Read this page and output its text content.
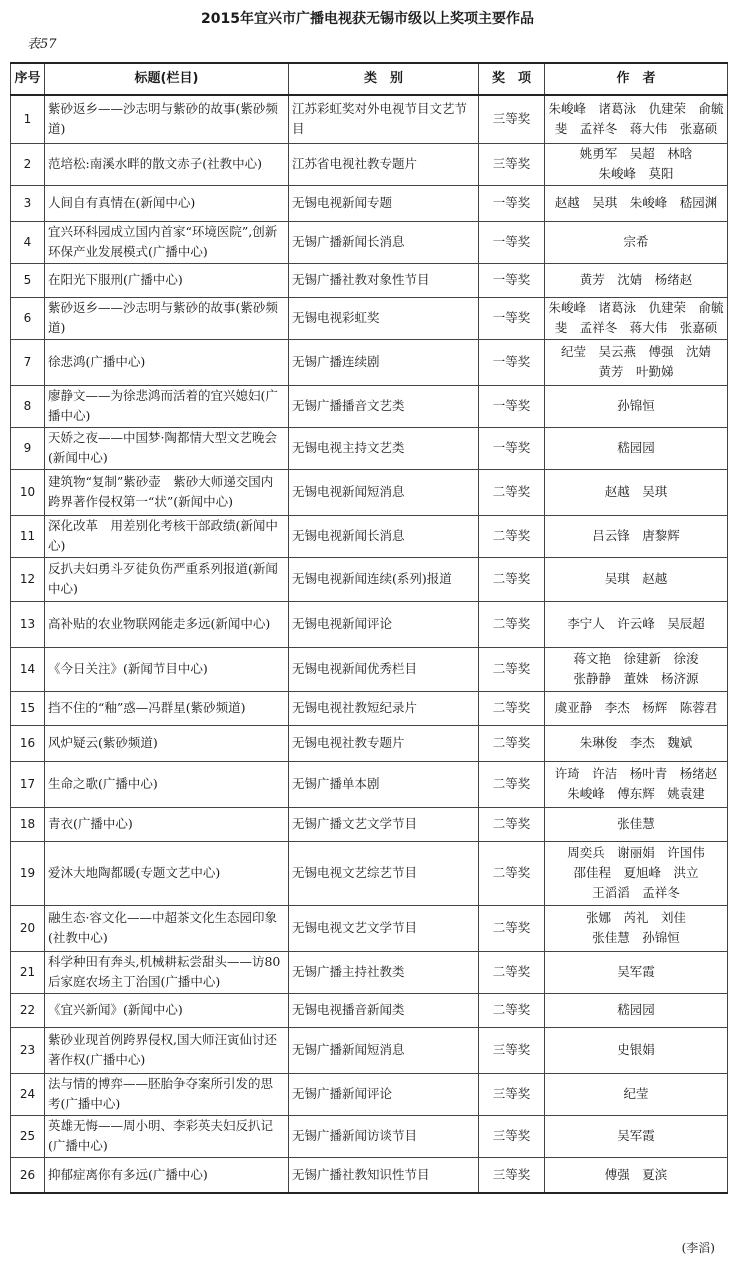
2015年宜兴市广播电视获无锡市级以上奖项主要作品
表57
序号	标题(栏目)	类　别	奖　项	作　者
1	紫砂返乡——沙志明与紫砂的故事(紫砂频道)	江苏彩虹奖对外电视节目文艺节目	三等奖	朱峻峰　诸葛泳　仇建荣　俞毓斐　孟祥冬　蒋大伟　张嘉硕
2	范培松:南溪水畔的散文赤子(社教中心)	江苏省电视社教专题片	三等奖	姚勇军　吴超　林晗
朱峻峰　莫阳
3	人间自有真情在(新闻中心)	无锡电视新闻专题	一等奖	赵越　吴琪　朱峻峰　嵇园渊
4	宜兴环科园成立国内首家“环境医院”,创新环保产业发展模式(广播中心)	无锡广播新闻长消息	一等奖	宗希
5	在阳光下服刑(广播中心)	无锡广播社教对象性节目	一等奖	黄芳　沈婧　杨绪赵
6	紫砂返乡——沙志明与紫砂的故事(紫砂频道)	无锡电视彩虹奖	一等奖	朱峻峰　诸葛泳　仇建荣　俞毓斐　孟祥冬　蒋大伟　张嘉硕
7	徐悲鸿(广播中心)	无锡广播连续剧	一等奖	纪莹　吴云燕　傅强　沈婧
黄芳　叶勤娣
8	廖静文——为徐悲鸿而活着的宜兴媳妇(广播中心)	无锡广播播音文艺类	一等奖	孙锦恒
9	天娇之夜——中国梦·陶都情大型文艺晚会(新闻中心)	无锡电视主持文艺类	一等奖	嵇园园
10	建筑物“复制”紫砂壶　紫砂大师递交国内跨界著作侵权第一“状”(新闻中心)	无锡电视新闻短消息	二等奖	赵越　吴琪
11	深化改革　用差别化考核干部政绩(新闻中心)	无锡电视新闻长消息	二等奖	吕云锋　唐黎辉
12	反扒夫妇勇斗歹徒负伤严重系列报道(新闻中心)	无锡电视新闻连续(系列)报道	二等奖	吴琪　赵越
13	高补贴的农业物联网能走多远(新闻中心)	无锡电视新闻评论	二等奖	李宁人　许云峰　吴辰超
14	《今日关注》(新闻节目中心)	无锡电视新闻优秀栏目	二等奖	蒋文艳　徐建新　徐浚
张静静　董姝　杨济源
15	挡不住的“釉”惑—冯群星(紫砂频道)	无锡电视社教短纪录片	二等奖	虞亚静　李杰　杨辉　陈蓉君
16	风炉疑云(紫砂频道)	无锡电视社教专题片	二等奖	朱琳俊　李杰　魏斌
17	生命之歌(广播中心)	无锡广播单本剧	二等奖	许琦　许洁　杨叶青　杨绪赵
朱峻峰　傅东辉　姚袁建
18	青衣(广播中心)	无锡广播文艺文学节目	二等奖	张佳慧
19	爱沐大地陶都暖(专题文艺中心)	无锡电视文艺综艺节目	二等奖	周奕兵　谢丽娟　许国伟
邵佳程　夏旭峰　洪立
王滔滔　孟祥冬
20	融生态·容文化——中超茶文化生态园印象(社教中心)	无锡电视文艺文学节目	二等奖	张娜　芮礼　刘佳
张佳慧　孙锦恒
21	科学种田有奔头,机械耕耘尝甜头——访80后家庭农场主丁治国(广播中心)	无锡广播主持社教类	二等奖	吴军霞
22	《宜兴新闻》(新闻中心)	无锡电视播音新闻类	二等奖	嵇园园
23	紫砂业现首例跨界侵权,国大师汪寅仙讨还著作权(广播中心)	无锡广播新闻短消息	三等奖	史银娟
24	法与情的博弈——胚胎争夺案所引发的思考(广播中心)	无锡广播新闻评论	三等奖	纪莹
25	英雄无悔——周小明、李彩英夫妇反扒记(广播中心)	无锡广播新闻访谈节目	三等奖	吴军霞
26	抑郁症离你有多远(广播中心)	无锡广播社教知识性节目	三等奖	傅强　夏滨
(李滔)
